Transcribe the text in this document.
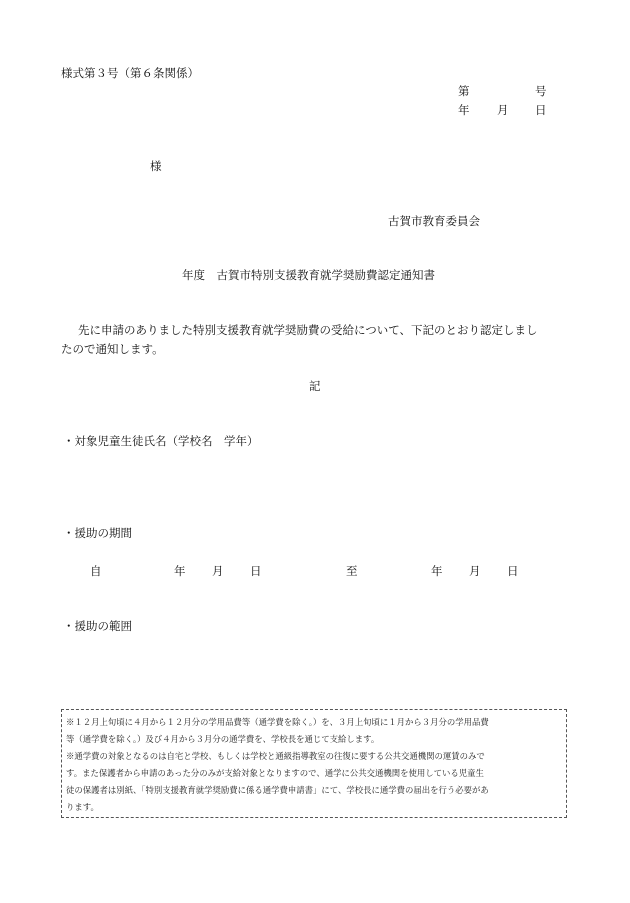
様式第３号（第６条関係）
第	号
年 月 日
様
古賀市教育委員会
年度　古賀市特別支援教育就学奨励費認定通知書
先に申請のありました特別支援教育就学奨励費の受給について、下記のとおり認定しまし
たので通知します。
記
・対象児童生徒氏名（学校名　学年）
・援助の期間
自	年 月 日	至	年 月 日
・援助の範囲

※１２月上旬頃に４月から１２月分の学用品費等（通学費を除く。）を、３月上旬頃に１月から３月分の学用品費

等（通学費を除く。）及び４月から３月分の通学費を、学校長を通じて支給します。

※通学費の対象となるのは自宅と学校、もしくは学校と通級指導教室の往復に要する公共交通機関の運賃のみで

す。また保護者から申請のあった分のみが支給対象となりますので、通学に公共交通機関を使用している児童生

徒の保護者は別紙、「特別支援教育就学奨励費に係る通学費申請書」にて、学校長に通学費の届出を行う必要があ

ります。
